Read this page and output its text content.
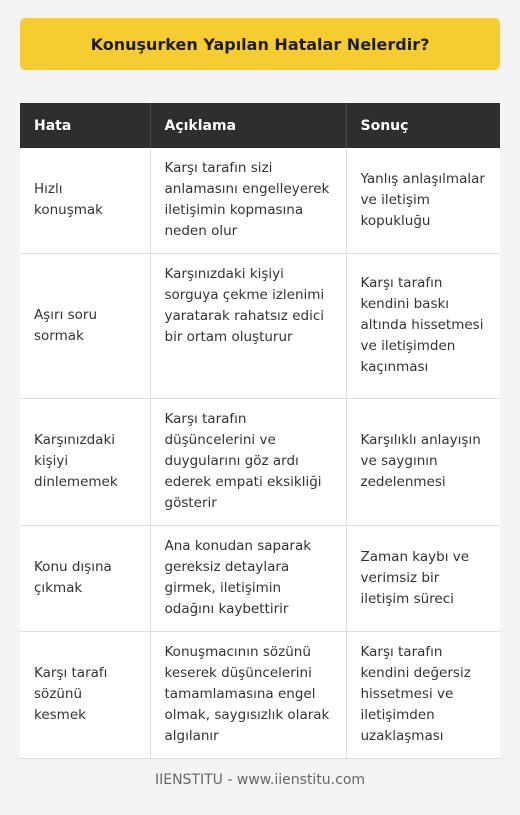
Konuşurken Yapılan Hatalar Nelerdir?
Hata	Açıklama	Sonuç
Hızlı konuşmak	Karşı tarafın sizi anlamasını engelleyerek iletişimin kopmasına neden olur	Yanlış anlaşılmalar ve iletişim kopukluğu
Aşırı soru sormak	Karşınızdaki kişiyi sorguya çekme izlenimi yaratarak rahatsız edici bir ortam oluşturur	Karşı tarafın kendini baskı altında hissetmesi ve iletişimden kaçınması
Karşınızdaki kişiyi dinlememek	Karşı tarafın düşüncelerini ve duygularını göz ardı ederek empati eksikliği gösterir	Karşılıklı anlayışın ve saygının zedelenmesi
Konu dışına çıkmak	Ana konudan saparak gereksiz detaylara girmek, iletişimin odağını kaybettirir	Zaman kaybı ve verimsiz bir iletişim süreci
Karşı tarafı sözünü kesmek	Konuşmacının sözünü keserek düşüncelerini tamamlamasına engel olmak, saygısızlık olarak algılanır	Karşı tarafın kendini değersiz hissetmesi ve iletişimden uzaklaşması
IIENSTITU - www.iienstitu.com
